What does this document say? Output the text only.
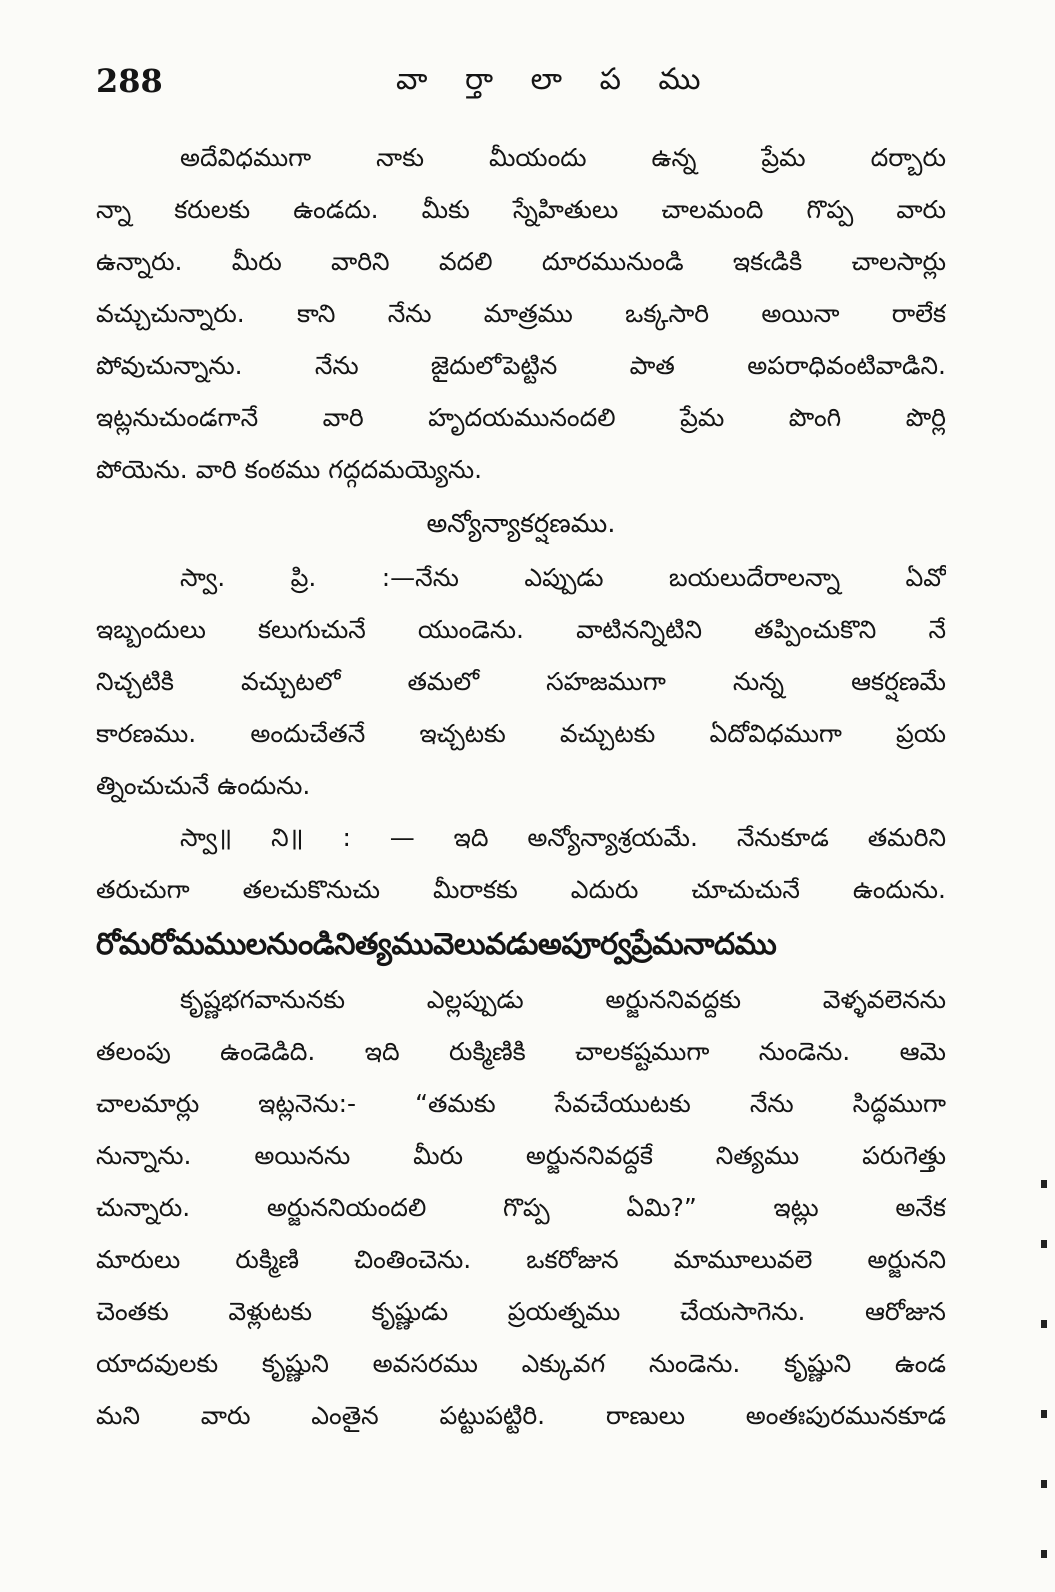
288	వా ర్తా లా ప ము
అదేవిధముగా నాకు మీయందు ఉన్న ప్రేమ దర్బారు
న్నా కరులకు ఉండదు. మీకు స్నేహితులు చాలమంది గొప్ప వారు
ఉన్నారు. మీరు వారిని వదలి దూరమునుండి ఇకఁడికి చాలసార్లు
వచ్చుచున్నారు. కాని నేను మాత్రము ఒక్కసారి అయినా రాలేక
పోవుచున్నాను. నేను జైదులోపెట్టిన పాత అపరాధివంటివాడిని.
ఇట్లనుచుండగానే వారి హృదయమునందలి ప్రేమ పొంగి పొర్లి
పోయెను. వారి కంఠము గద్గదమయ్యెను.
అన్యోన్యాకర్షణము.
స్వా. ప్రి. :—నేను ఎప్పుడు బయలుదేరాలన్నా ఏవో
ఇబ్బందులు కలుగుచునే యుండెను. వాటినన్నిటిని తప్పించుకొని నే
నిచ్చటికి వచ్చుటలో తమలో సహజముగా నున్న ఆకర్షణమే
కారణము. అందుచేతనే ఇచ్చటకు వచ్చుటకు ఏదోవిధముగా ప్రయ
త్నించుచునే ఉందును.
స్వా॥ ని॥ : — ఇది అన్యోన్యాశ్రయమే. నేనుకూడ తమరిని
తరుచుగా తలచుకొనుచు మీరాకకు ఎదురు చూచుచునే ఉందును.
రోమరోమములనుండినిత్యమువెలువడుఅపూర్వప్రేమనాదము
కృష్ణభగవానునకు ఎల్లప్పుడు అర్జుననివద్దకు వెళ్ళవలెనను
తలంపు ఉండెడిది. ఇది రుక్మిణికి చాలకష్టముగా నుండెను. ఆమె
చాలమార్లు ఇట్లనెను:- “తమకు సేవచేయుటకు నేను సిద్ధముగా
నున్నాను. అయినను మీరు అర్జుననివద్దకే నిత్యము పరుగెత్తు
చున్నారు. అర్జుననియందలి గొప్ప ఏమి?” ఇట్లు అనేక
మారులు రుక్మిణి చింతించెను. ఒకరోజున మామూలువలె అర్జునని
చెంతకు వెళ్లుటకు కృష్ణుడు ప్రయత్నము చేయసాగెను. ఆరోజున
యాదవులకు కృష్ణుని అవసరము ఎక్కువగ నుండెను. కృష్ణుని ఉండ
మని వారు ఎంతైన పట్టుపట్టిరి. రాణులు అంతఃపురమునకూడ
